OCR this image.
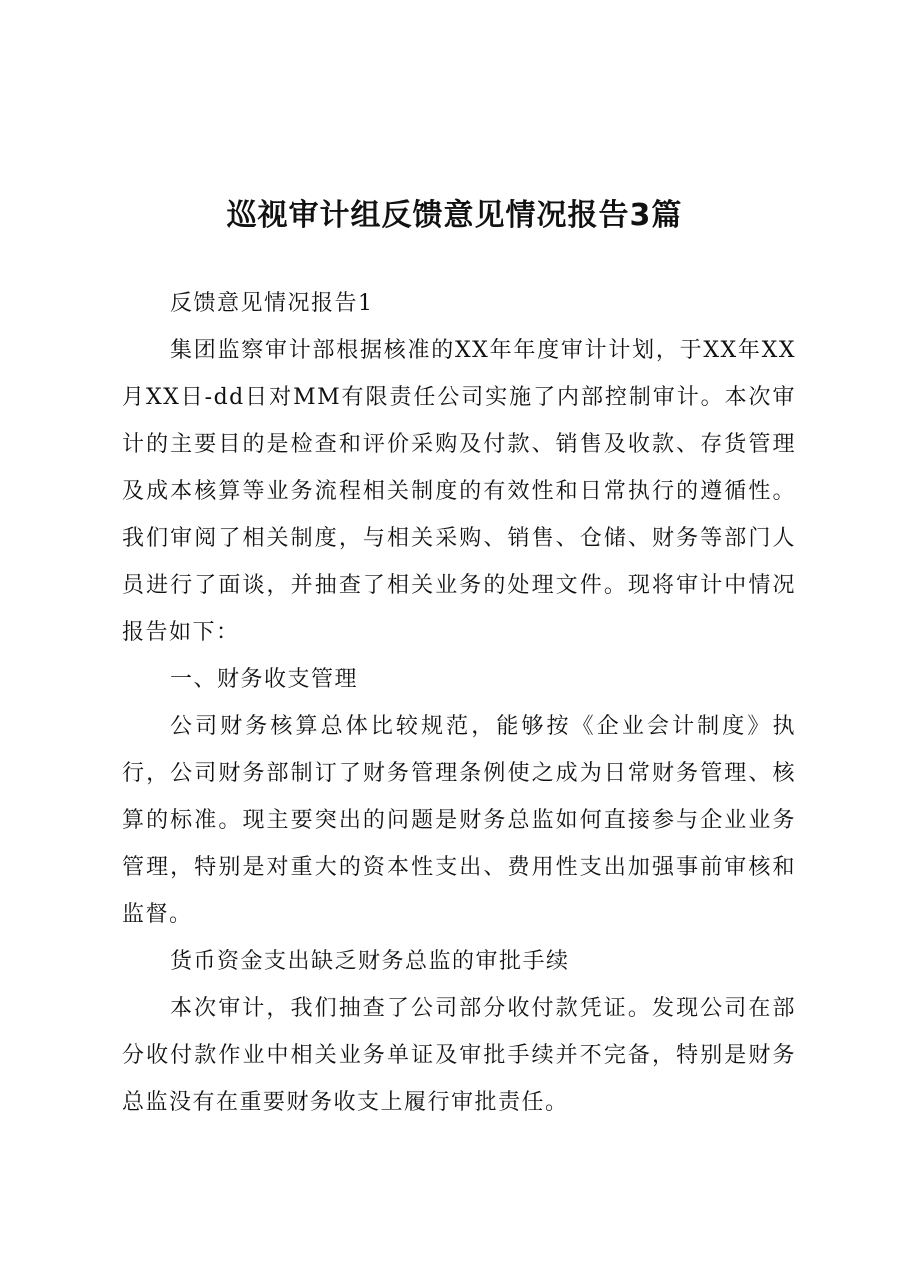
巡视审计组反馈意见情况报告3篇

反馈意见情况报告1

集团监察审计部根据核准的XX年年度审计计划，于XX年XX月XX日-dd日对MM有限责任公司实施了内部控制审计。本次审计的主要目的是检查和评价采购及付款、销售及收款、存货管理及成本核算等业务流程相关制度的有效性和日常执行的遵循性。我们审阅了相关制度，与相关采购、销售、仓储、财务等部门人员进行了面谈，并抽查了相关业务的处理文件。现将审计中情况报告如下：

一、财务收支管理

公司财务核算总体比较规范，能够按《企业会计制度》执行，公司财务部制订了财务管理条例使之成为日常财务管理、核算的标准。现主要突出的问题是财务总监如何直接参与企业业务管理，特别是对重大的资本性支出、费用性支出加强事前审核和监督。

货币资金支出缺乏财务总监的审批手续

本次审计，我们抽查了公司部分收付款凭证。发现公司在部分收付款作业中相关业务单证及审批手续并不完备，特别是财务总监没有在重要财务收支上履行审批责任。
